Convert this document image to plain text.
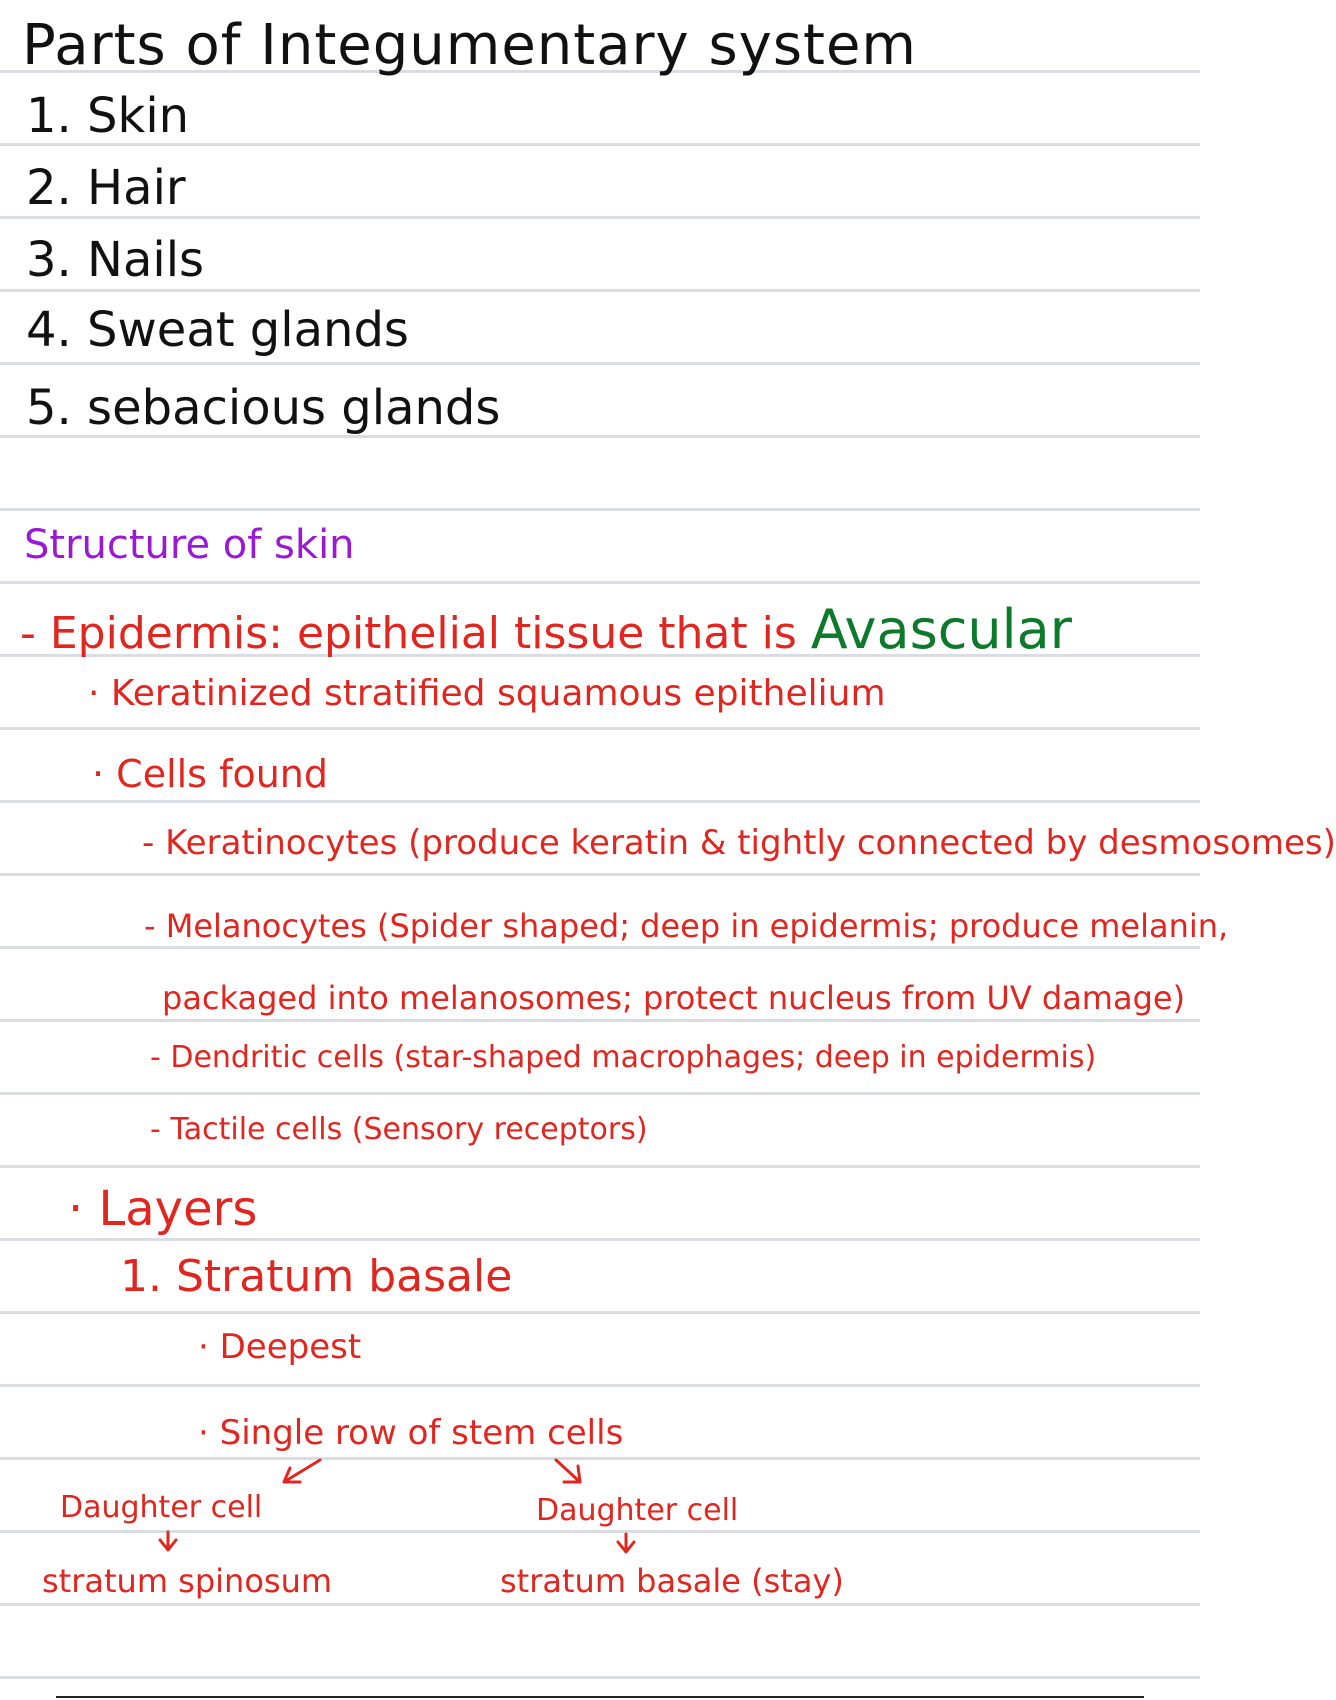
Parts of Integumentary system
1. Skin
2. Hair
3. Nails
4. Sweat glands
5. sebacious glands
Structure of skin
- Epidermis: epithelial tissue that is Avascular
· Keratinized stratified squamous epithelium
· Cells found
- Keratinocytes (produce keratin & tightly connected by desmosomes)
- Melanocytes (Spider shaped; deep in epidermis; produce melanin,
packaged into melanosomes; protect nucleus from UV damage)
- Dendritic cells (star-shaped macrophages; deep in epidermis)
- Tactile cells (Sensory receptors)
· Layers
1. Stratum basale
· Deepest
· Single row of stem cells
Daughter cell	Daughter cell
stratum spinosum	stratum basale (stay)
